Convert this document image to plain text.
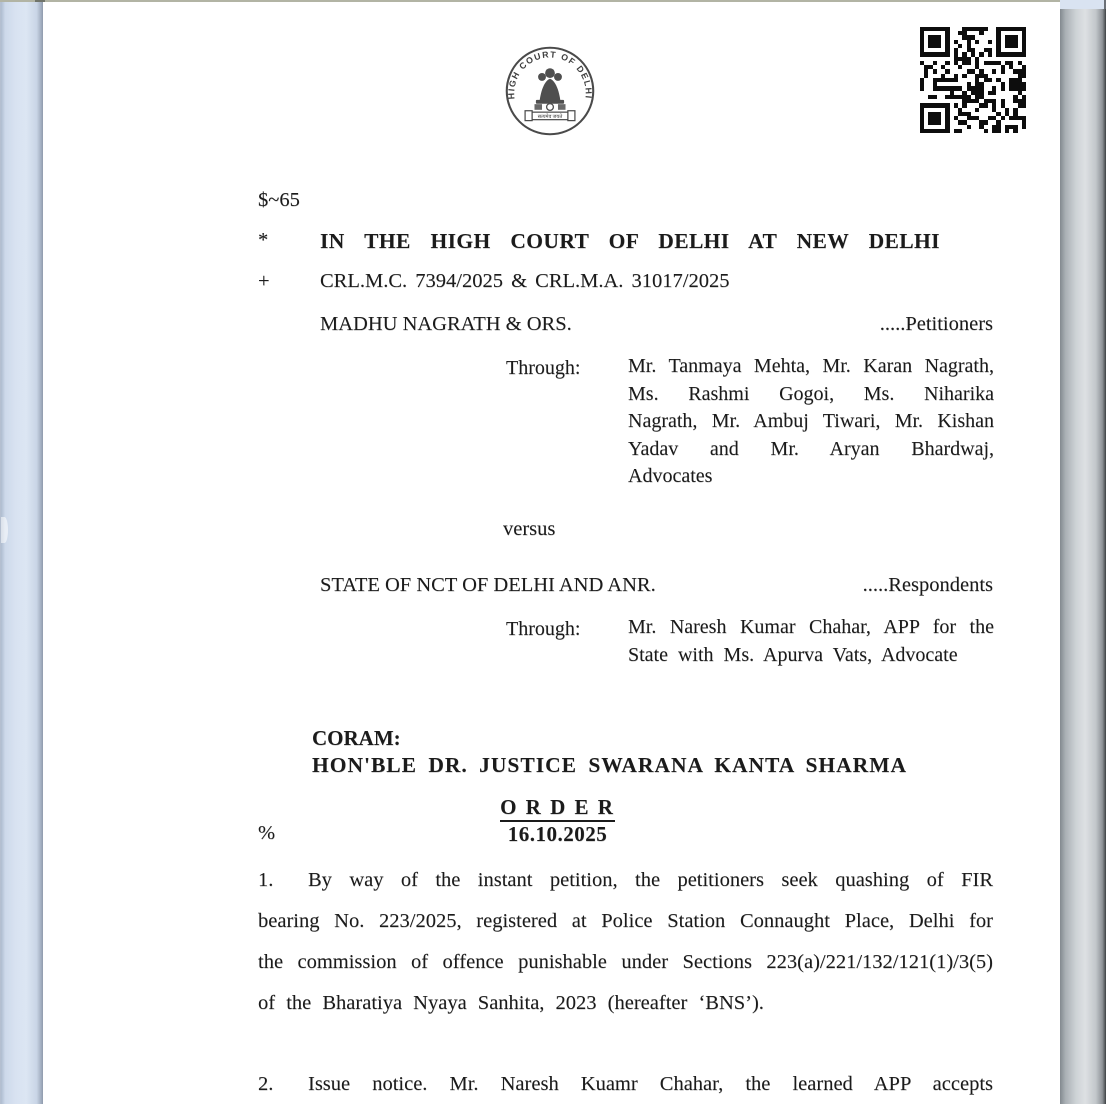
HIGH COURT OF DELHI
सत्यमेव जयते
$~65
*	IN THE HIGH COURT OF DELHI AT NEW DELHI
+	CRL.M.C. 7394/2025 & CRL.M.A. 31017/2025
MADHU NAGRATH & ORS.	.....Petitioners
Through:	Mr. Tanmaya Mehta, Mr. Karan Nagrath, Ms. Rashmi Gogoi, Ms. Niharika Nagrath, Mr. Ambuj Tiwari, Mr. Kishan Yadav and Mr. Aryan Bhardwaj, Advocates
versus
STATE OF NCT OF DELHI AND ANR.	.....Respondents
Through:	Mr. Naresh Kumar Chahar, APP for the State with Ms. Apurva Vats, Advocate
CORAM:
HON'BLE DR. JUSTICE SWARANA KANTA SHARMA
O R D E R
%	16.10.2025
1.	By way of the instant petition, the petitioners seek quashing of FIR bearing No. 223/2025, registered at Police Station Connaught Place, Delhi for the commission of offence punishable under Sections 223(a)/221/132/121(1)/3(5) of the Bharatiya Nyaya Sanhita, 2023 (hereafter ‘BNS’).
2.	Issue notice. Mr. Naresh Kuamr Chahar, the learned APP accepts
